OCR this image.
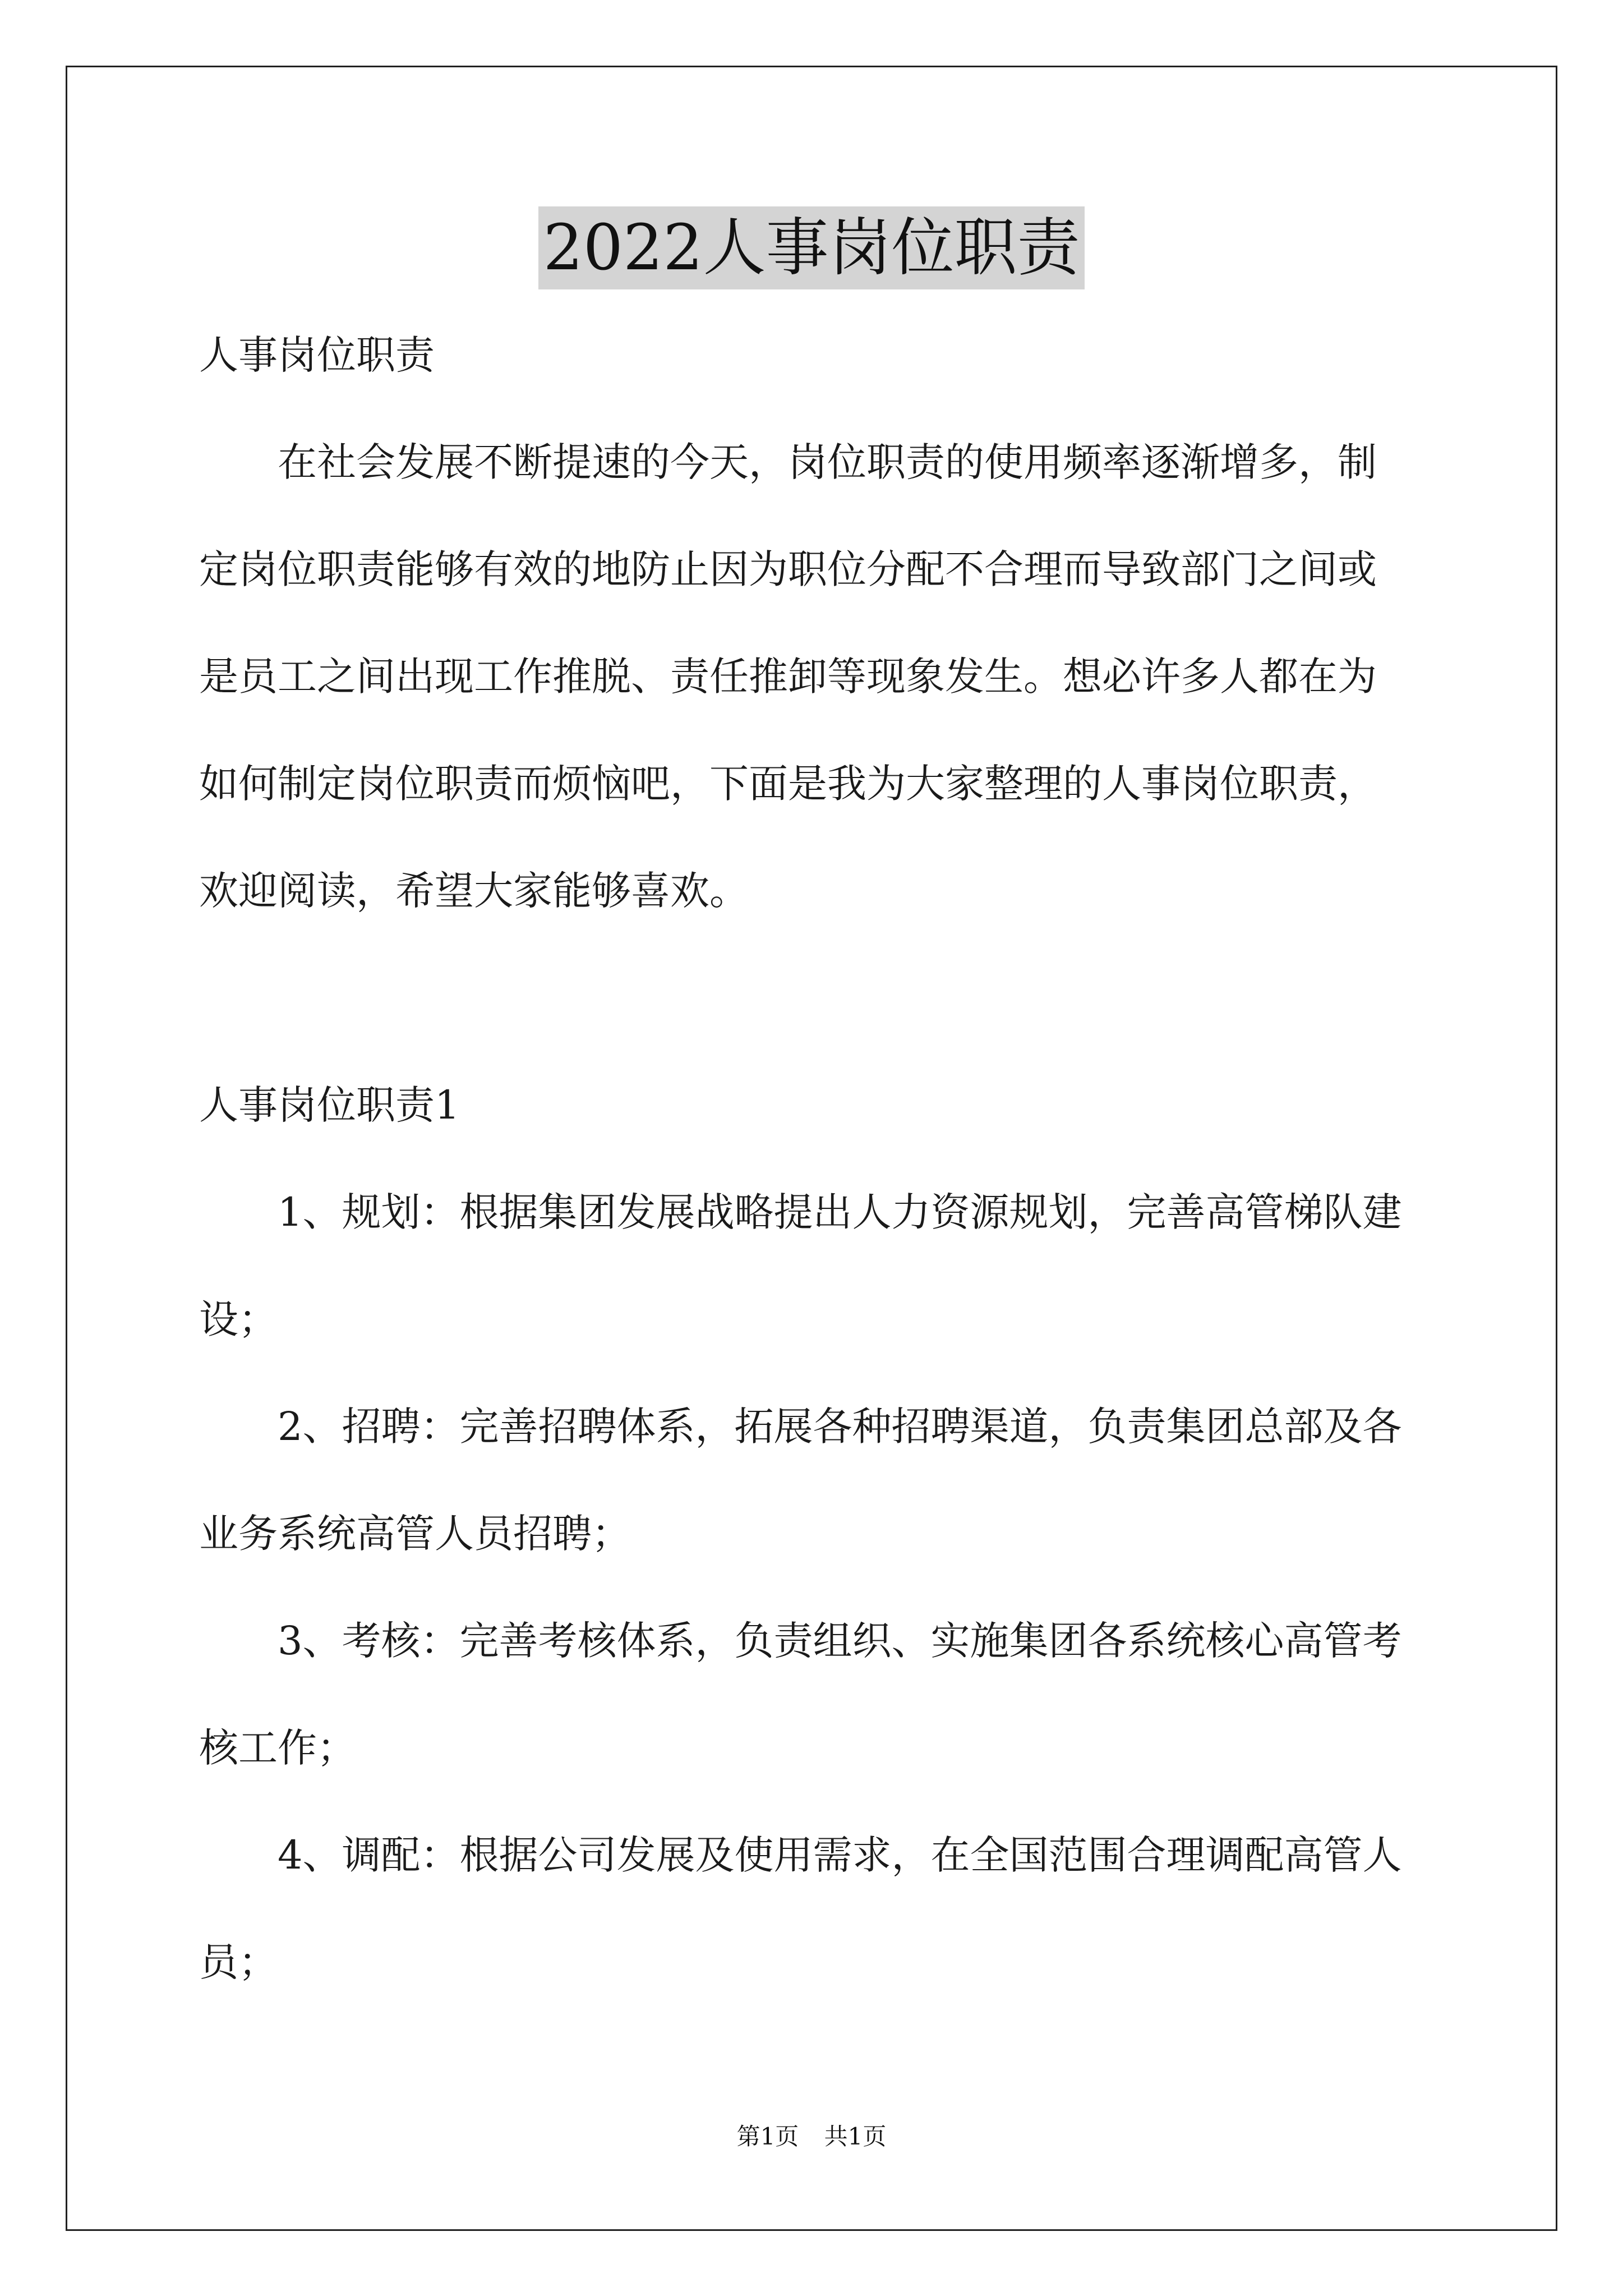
2022人事岗位职责
人事岗位职责
在社会发展不断提速的今天，岗位职责的使用频率逐渐增多，制
定岗位职责能够有效的地防止因为职位分配不合理而导致部门之间或
是员工之间出现工作推脱、责任推卸等现象发生。想必许多人都在为
如何制定岗位职责而烦恼吧，下面是我为大家整理的人事岗位职责，
欢迎阅读，希望大家能够喜欢。
人事岗位职责1
1、规划：根据集团发展战略提出人力资源规划，完善高管梯队建
设；
2、招聘：完善招聘体系，拓展各种招聘渠道，负责集团总部及各
业务系统高管人员招聘；
3、考核：完善考核体系，负责组织、实施集团各系统核心高管考
核工作；
4、调配：根据公司发展及使用需求，在全国范围合理调配高管人
员；
第1页 共1页
